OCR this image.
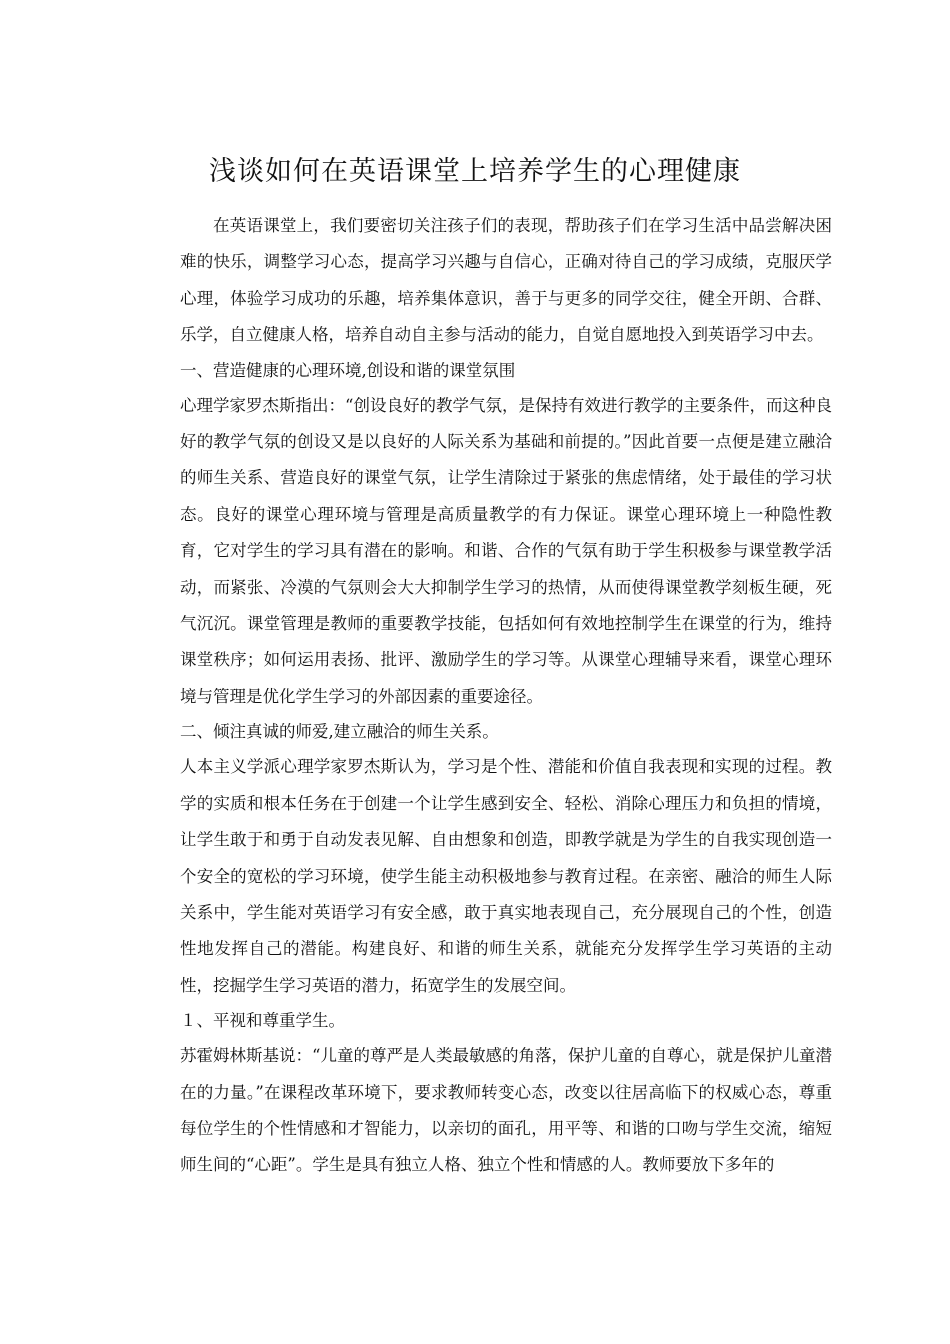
浅谈如何在英语课堂上培养学生的心理健康

在英语课堂上，我们要密切关注孩子们的表现，帮助孩子们在学习生活中品尝解决困难的快乐，调整学习心态，提高学习兴趣与自信心，正确对待自己的学习成绩，克服厌学心理，体验学习成功的乐趣，培养集体意识，善于与更多的同学交往，健全开朗、合群、乐学，自立健康人格，培养自动自主参与活动的能力，自觉自愿地投入到英语学习中去。

一、营造健康的心理环境,创设和谐的课堂氛围

心理学家罗杰斯指出：“创设良好的教学气氛，是保持有效进行教学的主要条件，而这种良好的教学气氛的创设又是以良好的人际关系为基础和前提的。”因此首要一点便是建立融洽的师生关系、营造良好的课堂气氛，让学生清除过于紧张的焦虑情绪，处于最佳的学习状态。良好的课堂心理环境与管理是高质量教学的有力保证。课堂心理环境上一种隐性教育，它对学生的学习具有潜在的影响。和谐、合作的气氛有助于学生积极参与课堂教学活动，而紧张、冷漠的气氛则会大大抑制学生学习的热情，从而使得课堂教学刻板生硬，死气沉沉。课堂管理是教师的重要教学技能，包括如何有效地控制学生在课堂的行为，维持课堂秩序；如何运用表扬、批评、激励学生的学习等。从课堂心理辅导来看，课堂心理环境与管理是优化学生学习的外部因素的重要途径。

二、倾注真诚的师爱,建立融洽的师生关系。

人本主义学派心理学家罗杰斯认为，学习是个性、潜能和价值自我表现和实现的过程。教学的实质和根本任务在于创建一个让学生感到安全、轻松、消除心理压力和负担的情境，让学生敢于和勇于自动发表见解、自由想象和创造，即教学就是为学生的自我实现创造一个安全的宽松的学习环境，使学生能主动积极地参与教育过程。在亲密、融洽的师生人际关系中，学生能对英语学习有安全感，敢于真实地表现自己，充分展现自己的个性，创造性地发挥自己的潜能。构建良好、和谐的师生关系，就能充分发挥学生学习英语的主动性，挖掘学生学习英语的潜力，拓宽学生的发展空间。

１、平视和尊重学生。

苏霍姆林斯基说：“儿童的尊严是人类最敏感的角落，保护儿童的自尊心，就是保护儿童潜在的力量。”在课程改革环境下，要求教师转变心态，改变以往居高临下的权威心态，尊重每位学生的个性情感和才智能力，以亲切的面孔，用平等、和谐的口吻与学生交流，缩短师生间的“心距”。学生是具有独立人格、独立个性和情感的人。教师要放下多年的
